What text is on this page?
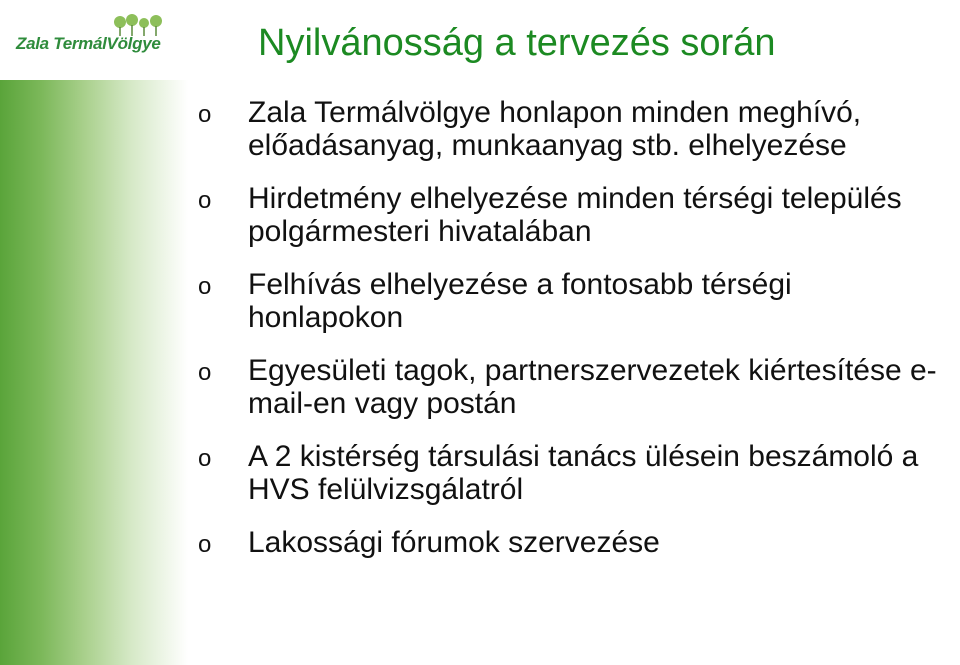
Zala TermálVölgye	Nyilvánosság a tervezés során
o Zala Termálvölgye honlapon minden meghívó, előadásanyag, munkaanyag stb. elhelyezése
o Hirdetmény elhelyezése minden térségi település polgármesteri hivatalában
o Felhívás elhelyezése a fontosabb térségi honlapokon
o Egyesületi tagok, partnerszervezetek kiértesítése e-mail-en vagy postán
o A 2 kistérség társulási tanács ülésein beszámoló a HVS felülvizsgálatról
o Lakossági fórumok szervezése
